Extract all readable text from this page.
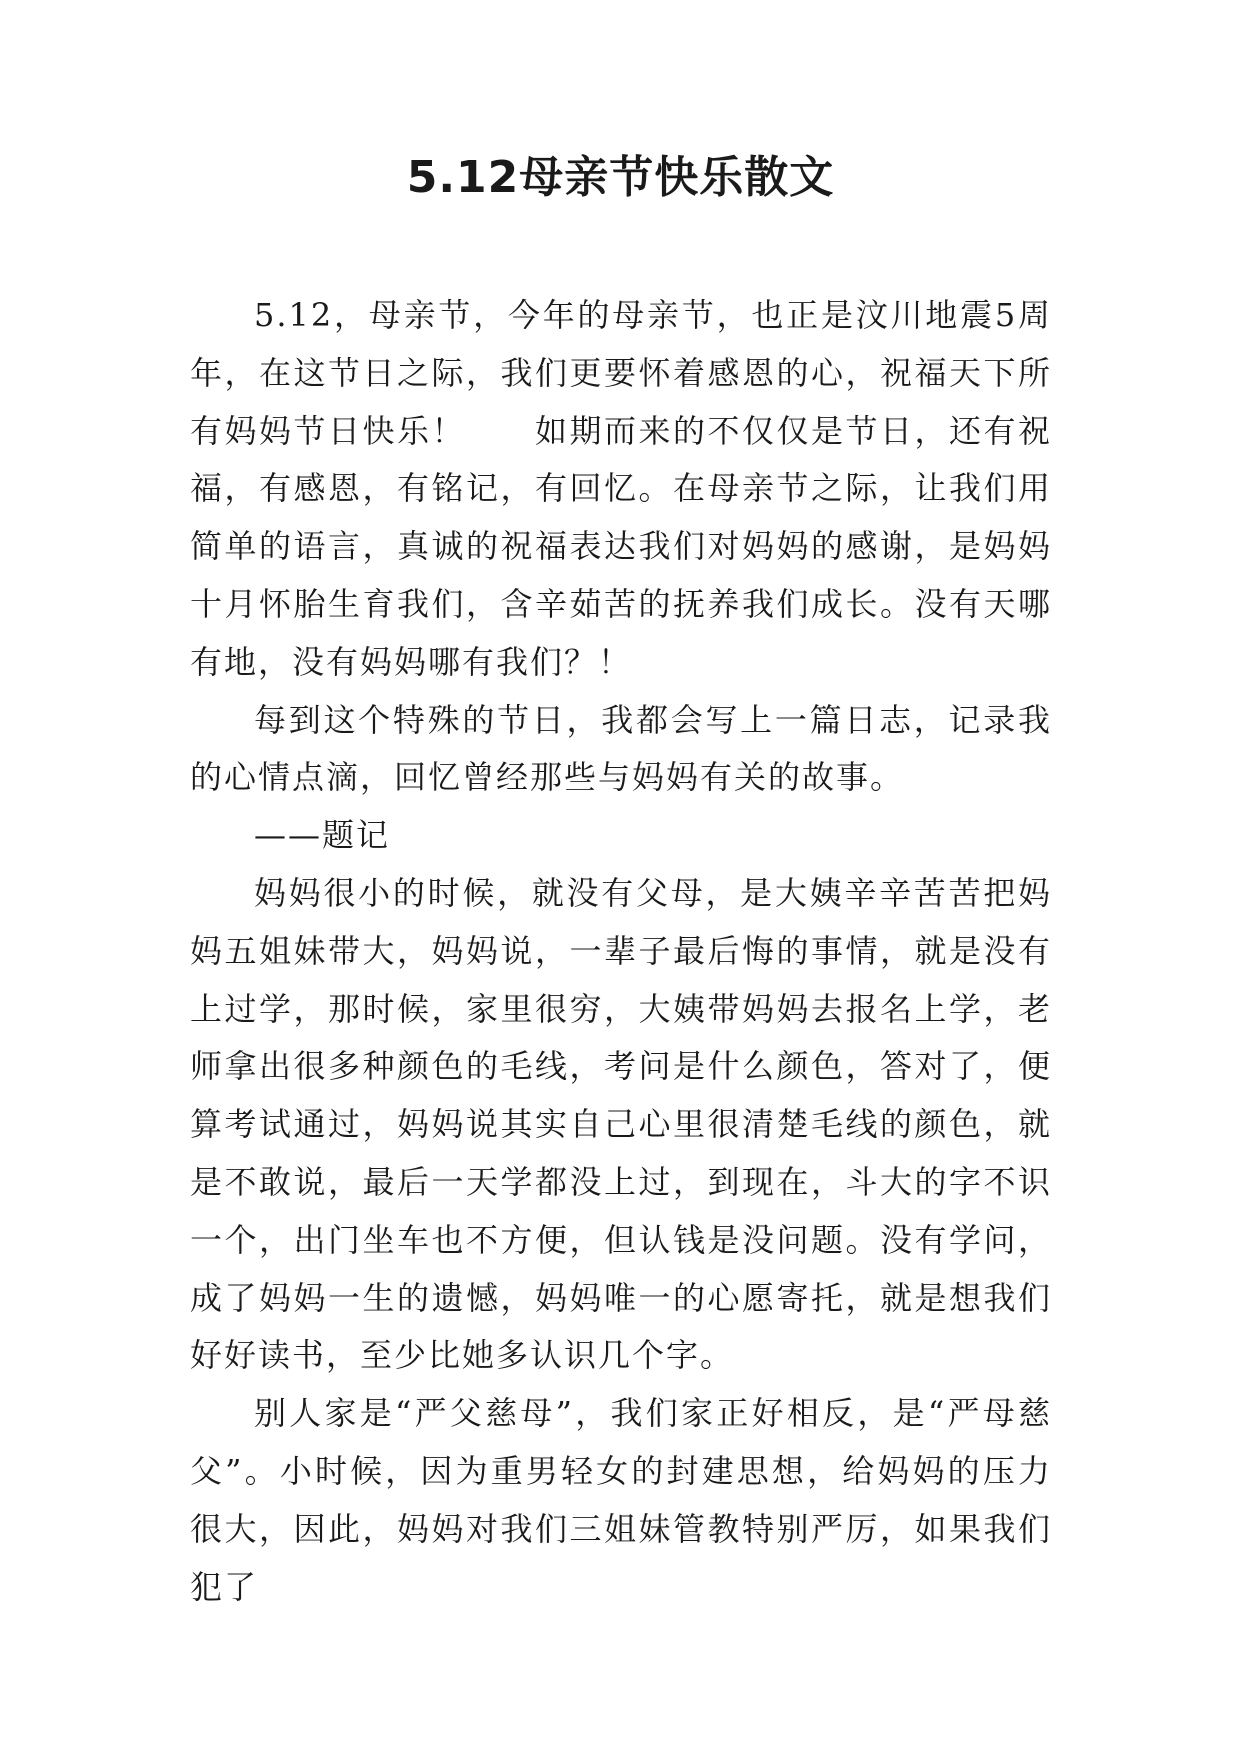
5.12母亲节快乐散文

5.12，母亲节，今年的母亲节，也正是汶川地震5周年，在这节日之际，我们更要怀着感恩的心，祝福天下所有妈妈节日快乐！　　如期而来的不仅仅是节日，还有祝福，有感恩，有铭记，有回忆。在母亲节之际，让我们用简单的语言，真诚的祝福表达我们对妈妈的感谢，是妈妈十月怀胎生育我们，含辛茹苦的抚养我们成长。没有天哪有地，没有妈妈哪有我们？！

每到这个特殊的节日，我都会写上一篇日志，记录我的心情点滴，回忆曾经那些与妈妈有关的故事。

——题记

妈妈很小的时候，就没有父母，是大姨辛辛苦苦把妈妈五姐妹带大，妈妈说，一辈子最后悔的事情，就是没有上过学，那时候，家里很穷，大姨带妈妈去报名上学，老师拿出很多种颜色的毛线，考问是什么颜色，答对了，便算考试通过，妈妈说其实自己心里很清楚毛线的颜色，就是不敢说，最后一天学都没上过，到现在，斗大的字不识一个，出门坐车也不方便，但认钱是没问题。没有学问，成了妈妈一生的遗憾，妈妈唯一的心愿寄托，就是想我们好好读书，至少比她多认识几个字。

别人家是“严父慈母”，我们家正好相反，是“严母慈父”。小时候，因为重男轻女的封建思想，给妈妈的压力很大，因此，妈妈对我们三姐妹管教特别严厉，如果我们犯了
